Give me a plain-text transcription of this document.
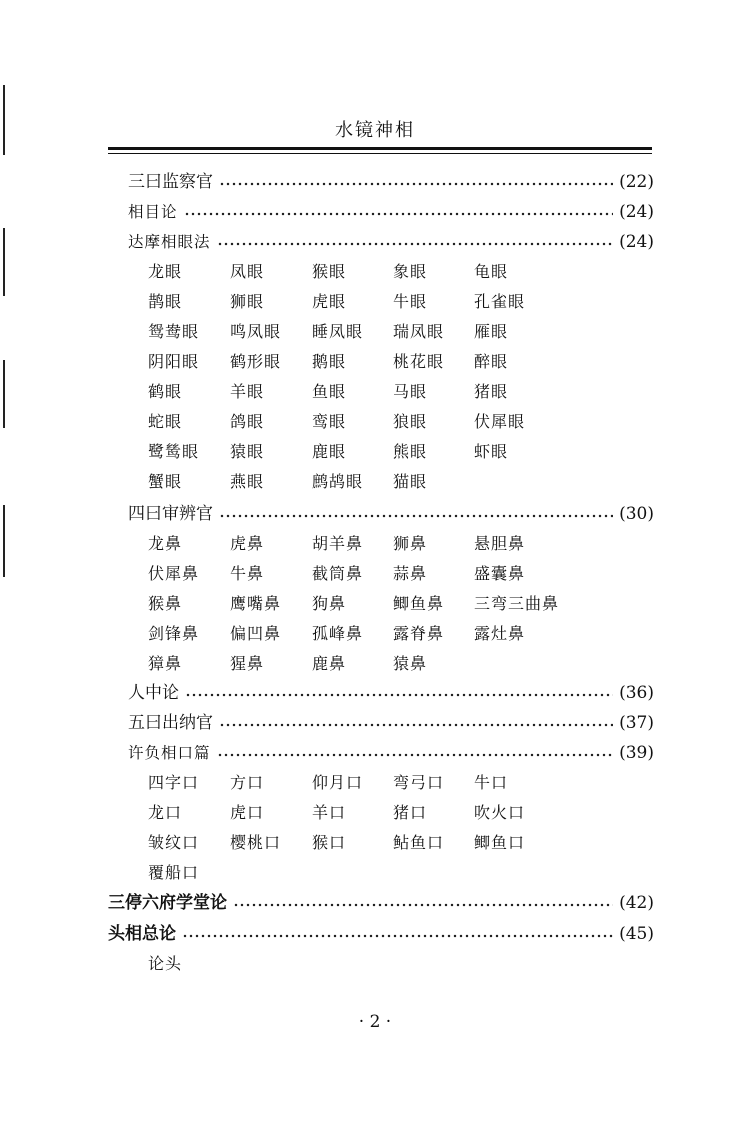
水镜神相
三曰监察官	(22)
相目论	(24)
达摩相眼法	(24)
龙眼	凤眼	猴眼	象眼	龟眼
鹊眼	狮眼	虎眼	牛眼	孔雀眼
鸳鸯眼	鸣凤眼	睡凤眼	瑞凤眼	雁眼
阴阳眼	鹤形眼	鹅眼	桃花眼	醉眼
鹤眼	羊眼	鱼眼	马眼	猪眼
蛇眼	鸽眼	鸾眼	狼眼	伏犀眼
鹭鸶眼	猿眼	鹿眼	熊眼	虾眼
蟹眼	燕眼	鹧鸪眼	猫眼
四曰审辨官	(30)
龙鼻	虎鼻	胡羊鼻	狮鼻	悬胆鼻
伏犀鼻	牛鼻	截筒鼻	蒜鼻	盛囊鼻
猴鼻	鹰嘴鼻	狗鼻	鲫鱼鼻	三弯三曲鼻
剑锋鼻	偏凹鼻	孤峰鼻	露脊鼻	露灶鼻
獐鼻	猩鼻	鹿鼻	猿鼻
人中论	(36)
五曰出纳官	(37)
许负相口篇	(39)
四字口	方口	仰月口	弯弓口	牛口
龙口	虎口	羊口	猪口	吹火口
皱纹口	樱桃口	猴口	鲇鱼口	鲫鱼口
覆船口
三停六府学堂论	(42)
头相总论	(45)
论头
· 2 ·
